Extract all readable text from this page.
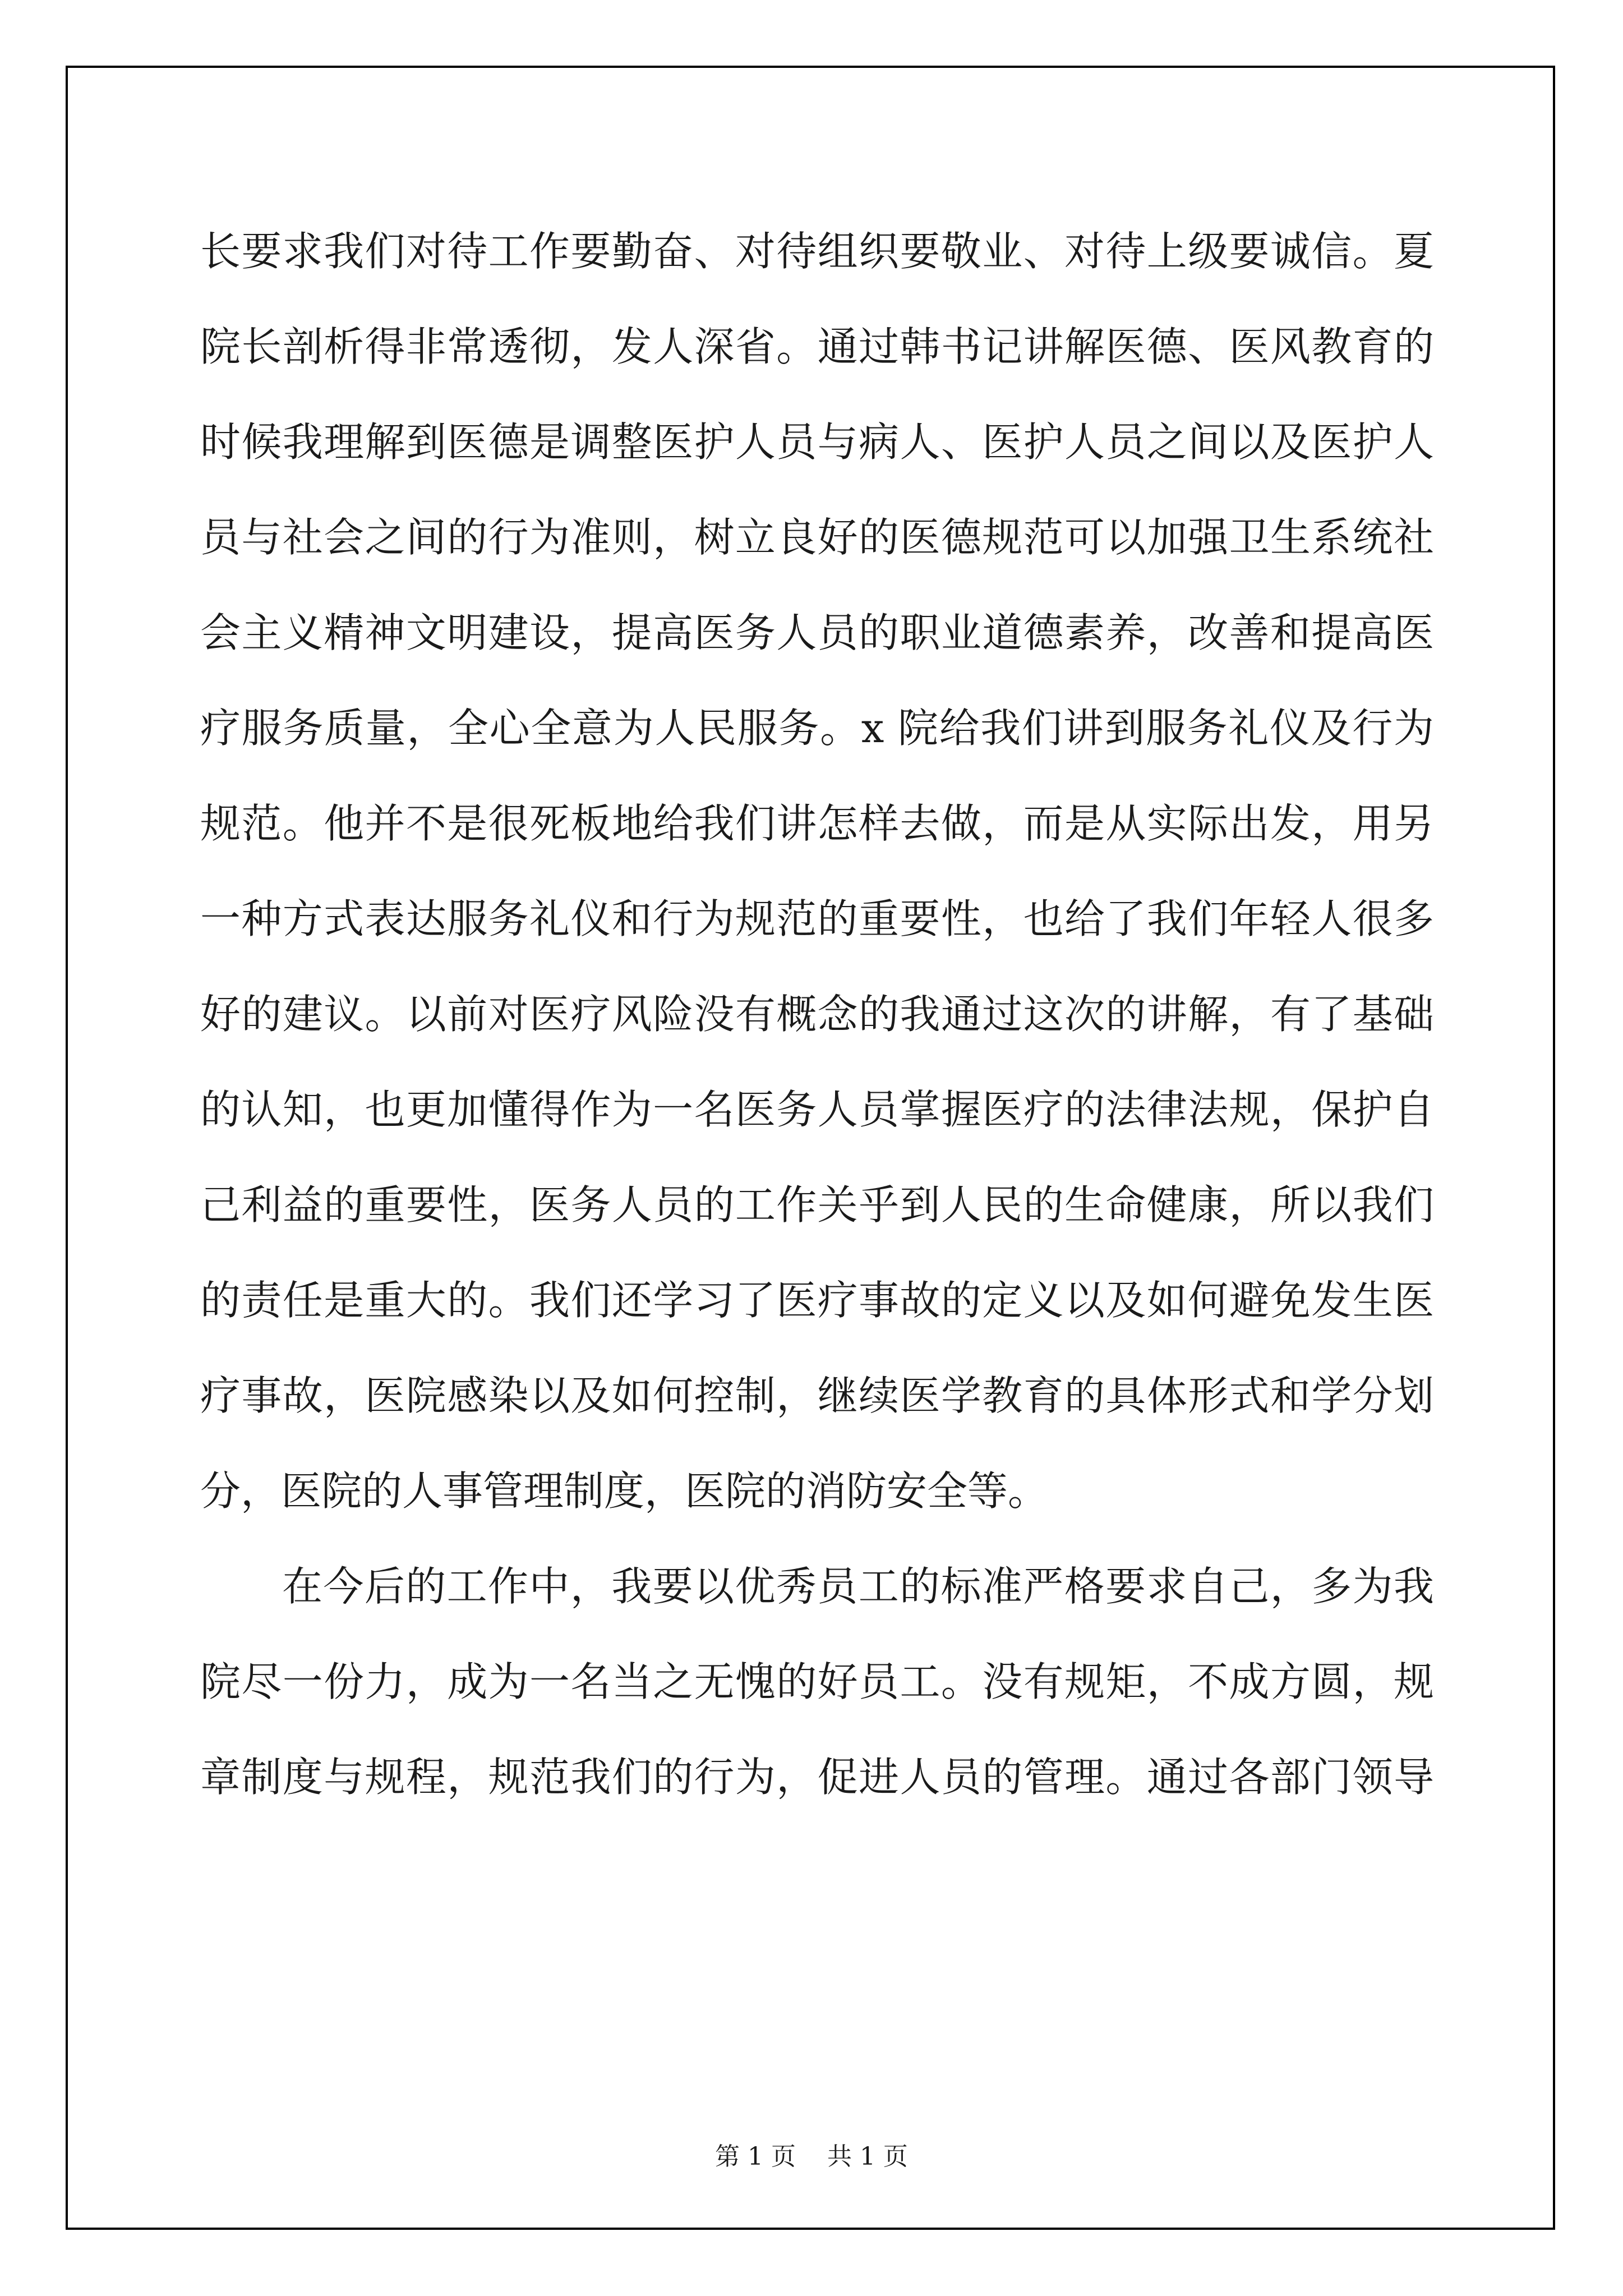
长要求我们对待工作要勤奋、对待组织要敬业、对待上级要诚信。夏
院长剖析得非常透彻，发人深省。通过韩书记讲解医德、医风教育的
时候我理解到医德是调整医护人员与病人、医护人员之间以及医护人
员与社会之间的行为准则，树立良好的医德规范可以加强卫生系统社
会主义精神文明建设，提高医务人员的职业道德素养，改善和提高医
疗服务质量，全心全意为人民服务。x 院给我们讲到服务礼仪及行为
规范。他并不是很死板地给我们讲怎样去做，而是从实际出发，用另
一种方式表达服务礼仪和行为规范的重要性，也给了我们年轻人很多
好的建议。以前对医疗风险没有概念的我通过这次的讲解，有了基础
的认知，也更加懂得作为一名医务人员掌握医疗的法律法规，保护自
己利益的重要性，医务人员的工作关乎到人民的生命健康，所以我们
的责任是重大的。我们还学习了医疗事故的定义以及如何避免发生医
疗事故，医院感染以及如何控制，继续医学教育的具体形式和学分划
分，医院的人事管理制度，医院的消防安全等。
在今后的工作中，我要以优秀员工的标准严格要求自己，多为我
院尽一份力，成为一名当之无愧的好员工。没有规矩，不成方圆，规
章制度与规程，规范我们的行为，促进人员的管理。通过各部门领导
第 1 页    共 1 页
